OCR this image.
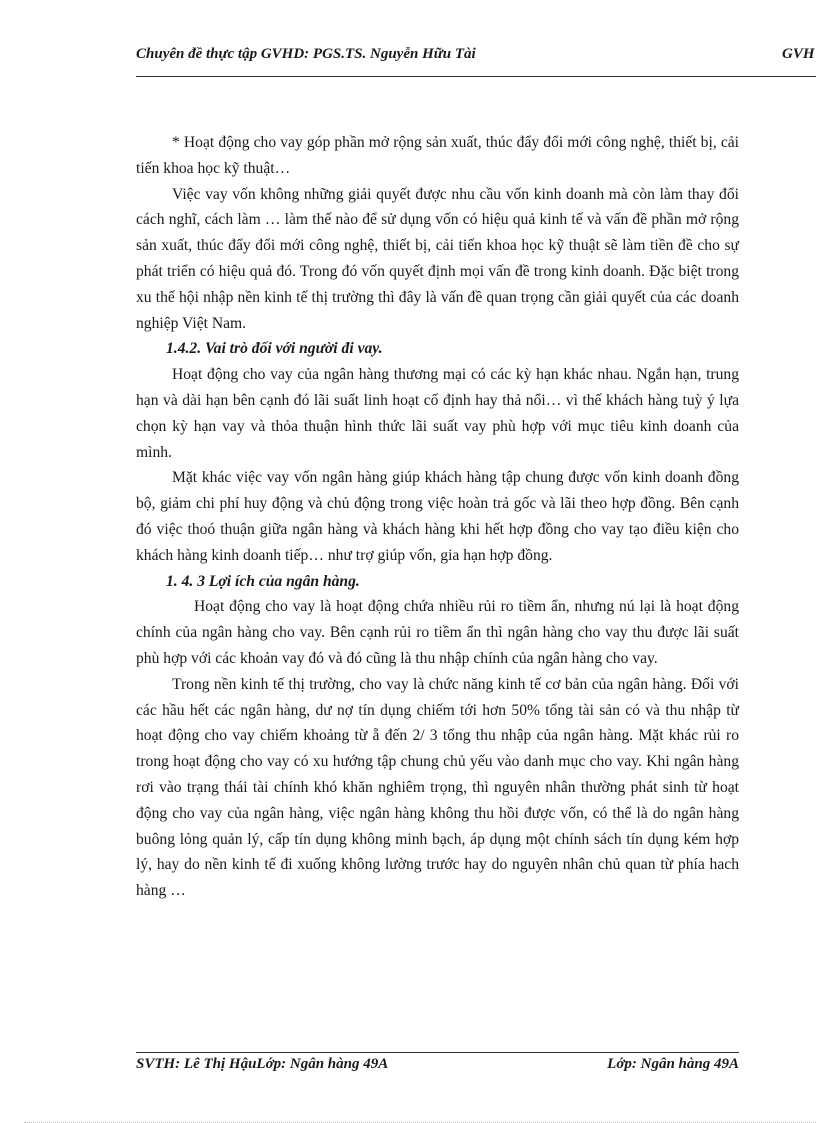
Chuyên đề thực tập GVHD: PGS.TS. Nguyễn Hữu Tài	GVH

* Hoạt động cho vay góp phần mở rộng sản xuất, thúc đẩy đổi mới công nghệ, thiết bị, cải tiến khoa học kỹ thuật…

Việc vay vốn không những giải quyết được nhu cầu vốn kinh doanh mà còn làm thay đổi cách nghĩ, cách làm … làm thế nào để sử dụng vốn có hiệu quả kinh tế và vấn đề phần mở rộng sản xuất, thúc đẩy đổi mới công nghệ, thiết bị, cải tiến khoa học kỹ thuật sẽ làm tiền đề cho sự phát triển có hiệu quả đó. Trong đó vốn quyết định mọi vấn đề trong kinh doanh. Đặc biệt trong xu thế hội nhập nền kinh tế thị trường thì đây là vấn đề quan trọng cần giải quyết của các doanh nghiệp Việt Nam.

1.4.2. Vai trò đối với người đi vay.

Hoạt động cho vay của ngân hàng thương mại có các kỳ hạn khác nhau. Ngắn hạn, trung hạn và dài hạn bên cạnh đó lãi suất linh hoạt cố định hay thả nổi… vì thế khách hàng tuỳ ý lựa chọn kỳ hạn vay và thỏa thuận hình thức lãi suất vay phù hợp với mục tiêu kinh doanh của mình.

Mặt khác việc vay vốn ngân hàng giúp khách hàng tập chung được vốn kinh doanh đồng bộ, giảm chi phí huy động và chủ động trong việc hoàn trả gốc và lãi theo hợp đồng. Bên cạnh đó việc thoó thuận giữa ngân hàng và khách hàng khi hết hợp đồng cho vay tạo điều kiện cho khách hàng kinh doanh tiếp… như trợ giúp vốn, gia hạn hợp đồng.

1. 4. 3 Lợi ích của ngân hàng.

Hoạt động cho vay là hoạt động chứa nhiều rủi ro tiềm ẩn, nhưng nú lại là hoạt động chính của ngân hàng cho vay. Bên cạnh rủi ro tiềm ẩn thì ngân hàng cho vay thu được lãi suất phù hợp với các khoản vay đó và đó cũng là thu nhập chính của ngân hàng cho vay.

Trong nền kinh tế thị trường, cho vay là chức năng kinh tế cơ bản của ngân hàng. Đối với các hầu hết các ngân hàng, dư nợ tín dụng chiếm tới hơn 50% tổng tài sản có và thu nhập từ hoạt động cho vay chiếm khoảng từ ẵ đến 2/ 3 tổng thu nhập của ngân hàng. Mặt khác rủi ro trong hoạt động cho vay có xu hướng tập chung chủ yếu vào danh mục cho vay. Khi ngân hàng rơi vào trạng thái tài chính khó khăn nghiêm trọng, thì nguyên nhân thường phát sinh từ hoạt động cho vay của ngân hàng, việc ngân hàng không thu hồi được vốn, có thể là do ngân hàng buông lỏng quản lý, cấp tín dụng không minh bạch, áp dụng một chính sách tín dụng kém hợp lý, hay do nền kinh tế đi xuống không lường trước hay do nguyên nhân chủ quan từ phía hach hàng …

SVTH: Lê Thị HậuLớp: Ngân hàng 49A	Lớp: Ngân hàng 49A
